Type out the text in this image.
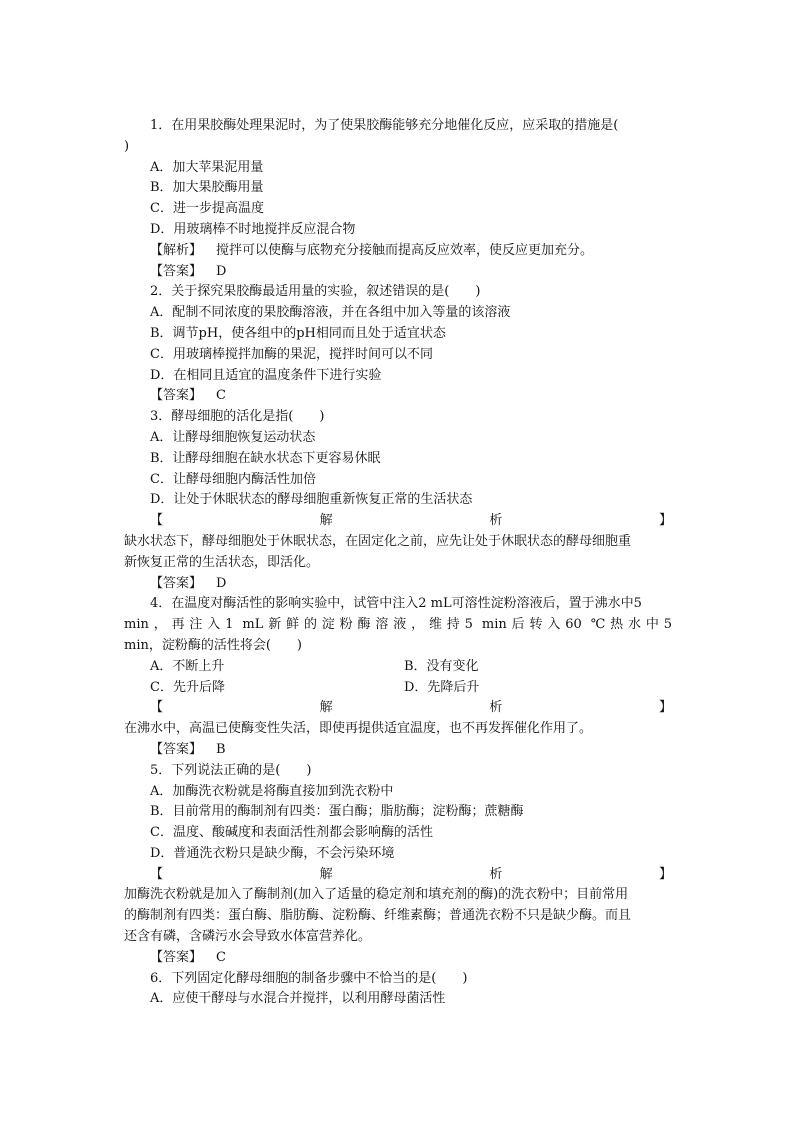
1．在用果胶酶处理果泥时，为了使果胶酶能够充分地催化反应，应采取的措施是(
)
A．加大苹果泥用量
B．加大果胶酶用量
C．进一步提高温度
D．用玻璃棒不时地搅拌反应混合物
【解析】 搅拌可以使酶与底物充分接触而提高反应效率，使反应更加充分。
【答案】 D
2．关于探究果胶酶最适用量的实验，叙述错误的是(　　)
A．配制不同浓度的果胶酶溶液，并在各组中加入等量的该溶液
B．调节pH，使各组中的pH相同而且处于适宜状态
C．用玻璃棒搅拌加酶的果泥，搅拌时间可以不同
D．在相同且适宜的温度条件下进行实验
【答案】 C
3．酵母细胞的活化是指(　　)
A．让酵母细胞恢复运动状态
B．让酵母细胞在缺水状态下更容易休眠
C．让酵母细胞内酶活性加倍
D．让处于休眠状态的酵母细胞重新恢复正常的生活状态
【	解	析	】
缺水状态下，酵母细胞处于休眠状态，在固定化之前，应先让处于休眠状态的酵母细胞重
新恢复正常的生活状态，即活化。
【答案】 D
4．在温度对酶活性的影响实验中，试管中注入2 mL可溶性淀粉溶液后，置于沸水中5
min，再注入1 mL新鲜的淀粉酶溶液，维持5 min后转入60 ℃热水中5
min，淀粉酶的活性将会(　　)
A．不断上升	B．没有变化
C．先升后降	D．先降后升
【	解	析	】
在沸水中，高温已使酶变性失活，即使再提供适宜温度，也不再发挥催化作用了。
【答案】 B
5．下列说法正确的是(　　)
A．加酶洗衣粉就是将酶直接加到洗衣粉中
B．目前常用的酶制剂有四类：蛋白酶；脂肪酶；淀粉酶；蔗糖酶
C．温度、酸碱度和表面活性剂都会影响酶的活性
D．普通洗衣粉只是缺少酶，不会污染环境
【	解	析	】
加酶洗衣粉就是加入了酶制剂(加入了适量的稳定剂和填充剂的酶)的洗衣粉中；目前常用
的酶制剂有四类：蛋白酶、脂肪酶、淀粉酶、纤维素酶；普通洗衣粉不只是缺少酶。而且
还含有磷，含磷污水会导致水体富营养化。
【答案】 C
6．下列固定化酵母细胞的制备步骤中不恰当的是(　　)
A．应使干酵母与水混合并搅拌，以利用酵母菌活性
